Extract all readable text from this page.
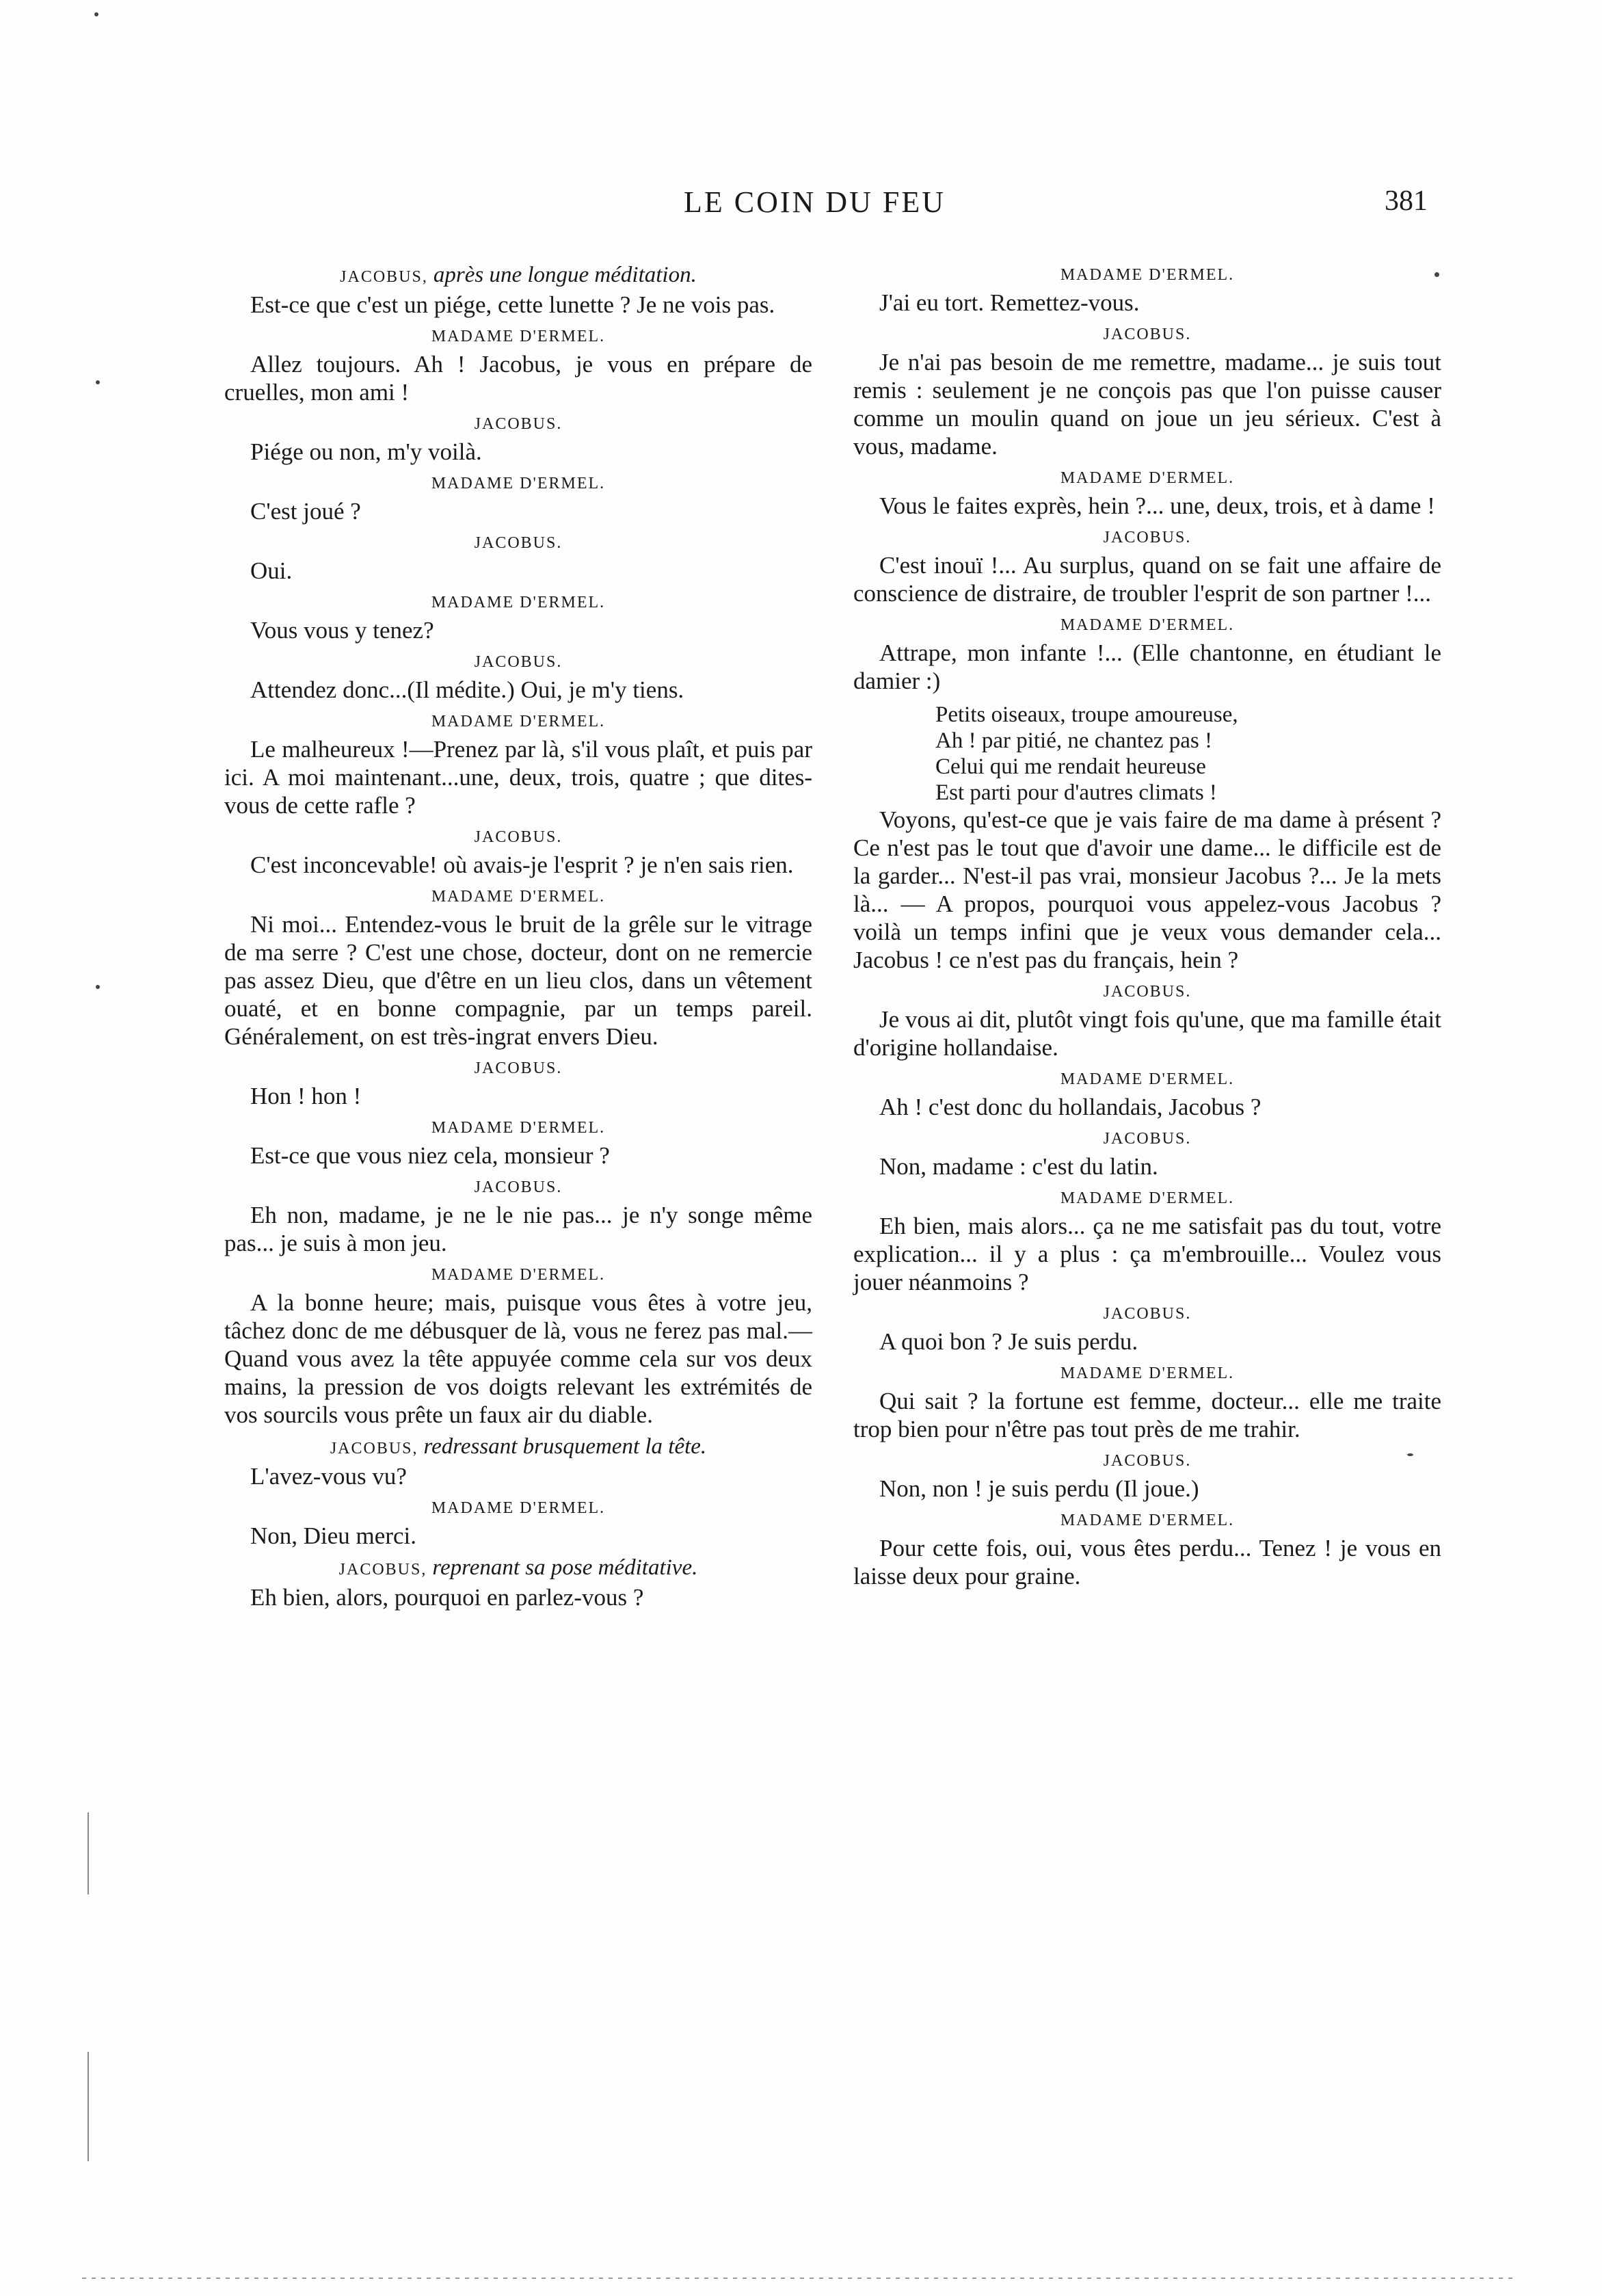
LE COIN DU FEU	381
JACOBUS, après une longue méditation.

Est-ce que c'est un piége, cette lunette ? Je ne vois pas.

MADAME D'ERMEL.

Allez toujours. Ah ! Jacobus, je vous en prépare de cruelles, mon ami !

JACOBUS.

Piége ou non, m'y voilà.

MADAME D'ERMEL.

C'est joué ?

JACOBUS.

Oui.

MADAME D'ERMEL.

Vous vous y tenez?

JACOBUS.

Attendez donc...(Il médite.) Oui, je m'y tiens.

MADAME D'ERMEL.

Le malheureux !—Prenez par là, s'il vous plaît, et puis par ici. A moi maintenant...une, deux, trois, quatre ; que dites-vous de cette rafle ?

JACOBUS.

C'est inconcevable! où avais-je l'esprit ? je n'en sais rien.

MADAME D'ERMEL.

Ni moi... Entendez-vous le bruit de la grêle sur le vitrage de ma serre ? C'est une chose, docteur, dont on ne remercie pas assez Dieu, que d'être en un lieu clos, dans un vêtement ouaté, et en bonne compagnie, par un temps pareil. Généralement, on est très-ingrat envers Dieu.

JACOBUS.

Hon ! hon !

MADAME D'ERMEL.

Est-ce que vous niez cela, monsieur ?

JACOBUS.

Eh non, madame, je ne le nie pas... je n'y songe même pas... je suis à mon jeu.

MADAME D'ERMEL.

A la bonne heure; mais, puisque vous êtes à votre jeu, tâchez donc de me débusquer de là, vous ne ferez pas mal.— Quand vous avez la tête appuyée comme cela sur vos deux mains, la pression de vos doigts relevant les extrémités de vos sourcils vous prête un faux air du diable.

JACOBUS, redressant brusquement la tête.

L'avez-vous vu?

MADAME D'ERMEL.

Non, Dieu merci.

JACOBUS, reprenant sa pose méditative.

Eh bien, alors, pourquoi en parlez-vous ?

MADAME D'ERMEL.

J'ai eu tort. Remettez-vous.

JACOBUS.

Je n'ai pas besoin de me remettre, madame... je suis tout remis : seulement je ne conçois pas que l'on puisse causer comme un moulin quand on joue un jeu sérieux. C'est à vous, madame.

MADAME D'ERMEL.

Vous le faites exprès, hein ?... une, deux, trois, et à dame !

JACOBUS.

C'est inouï !... Au surplus, quand on se fait une affaire de conscience de distraire, de troubler l'esprit de son partner !...

MADAME D'ERMEL.

Attrape, mon infante !... (Elle chantonne, en étudiant le damier :)

Petits oiseaux, troupe amoureuse,
Ah ! par pitié, ne chantez pas !
Celui qui me rendait heureuse
Est parti pour d'autres climats !

Voyons, qu'est-ce que je vais faire de ma dame à présent ? Ce n'est pas le tout que d'avoir une dame... le difficile est de la garder... N'est-il pas vrai, monsieur Jacobus ?... Je la mets là... — A propos, pourquoi vous appelez-vous Jacobus ? voilà un temps infini que je veux vous demander cela... Jacobus ! ce n'est pas du français, hein ?

JACOBUS.

Je vous ai dit, plutôt vingt fois qu'une, que ma famille était d'origine hollandaise.

MADAME D'ERMEL.

Ah ! c'est donc du hollandais, Jacobus ?

JACOBUS.

Non, madame : c'est du latin.

MADAME D'ERMEL.

Eh bien, mais alors... ça ne me satisfait pas du tout, votre explication... il y a plus : ça m'embrouille... Voulez vous jouer néanmoins ?

JACOBUS.

A quoi bon ? Je suis perdu.

MADAME D'ERMEL.

Qui sait ? la fortune est femme, docteur... elle me traite trop bien pour n'être pas tout près de me trahir.

JACOBUS.

Non, non ! je suis perdu (Il joue.)

MADAME D'ERMEL.

Pour cette fois, oui, vous êtes perdu... Tenez ! je vous en laisse deux pour graine.
